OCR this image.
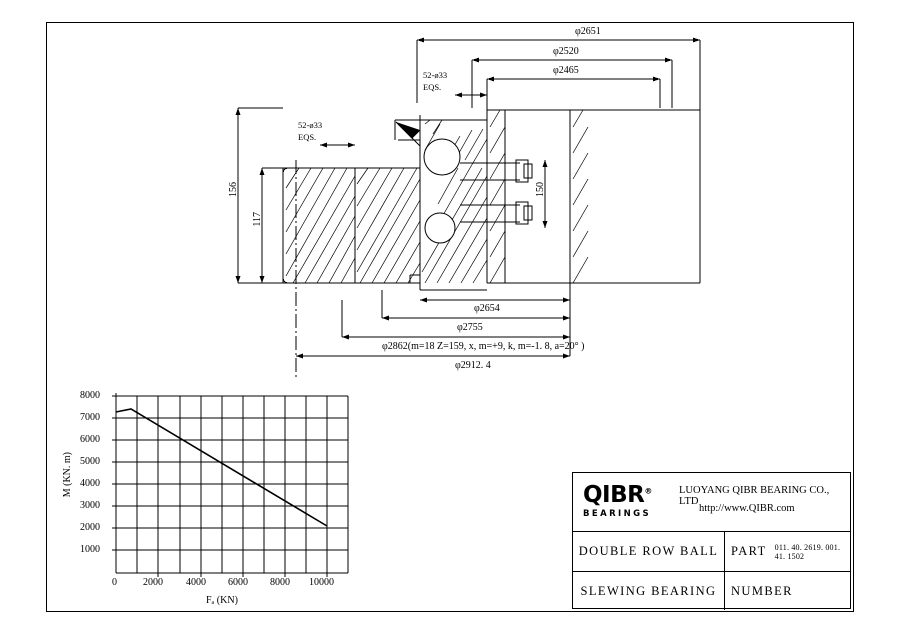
φ2651
φ2520
φ2465
52-ø33
EQS.
52-ø33
EQS.
156
117
150
φ2654
φ2755
φ2862(m=18 Z=159, x, m=+9, k, m=-1. 8, a=20° )
φ2912. 4
8000
7000
6000
5000
4000
3000
2000
1000
0	2000 4000 6000 8000 10000
M (KN. m)
Fₐ (KN)
QIBR®
BEARINGS
LUOYANG QIBR BEARING CO., LTD
http://www.QIBR.com
DOUBLE ROW BALL
SLEWING BEARING
PART 011. 40. 2619. 001. 41. 1502
NUMBER
